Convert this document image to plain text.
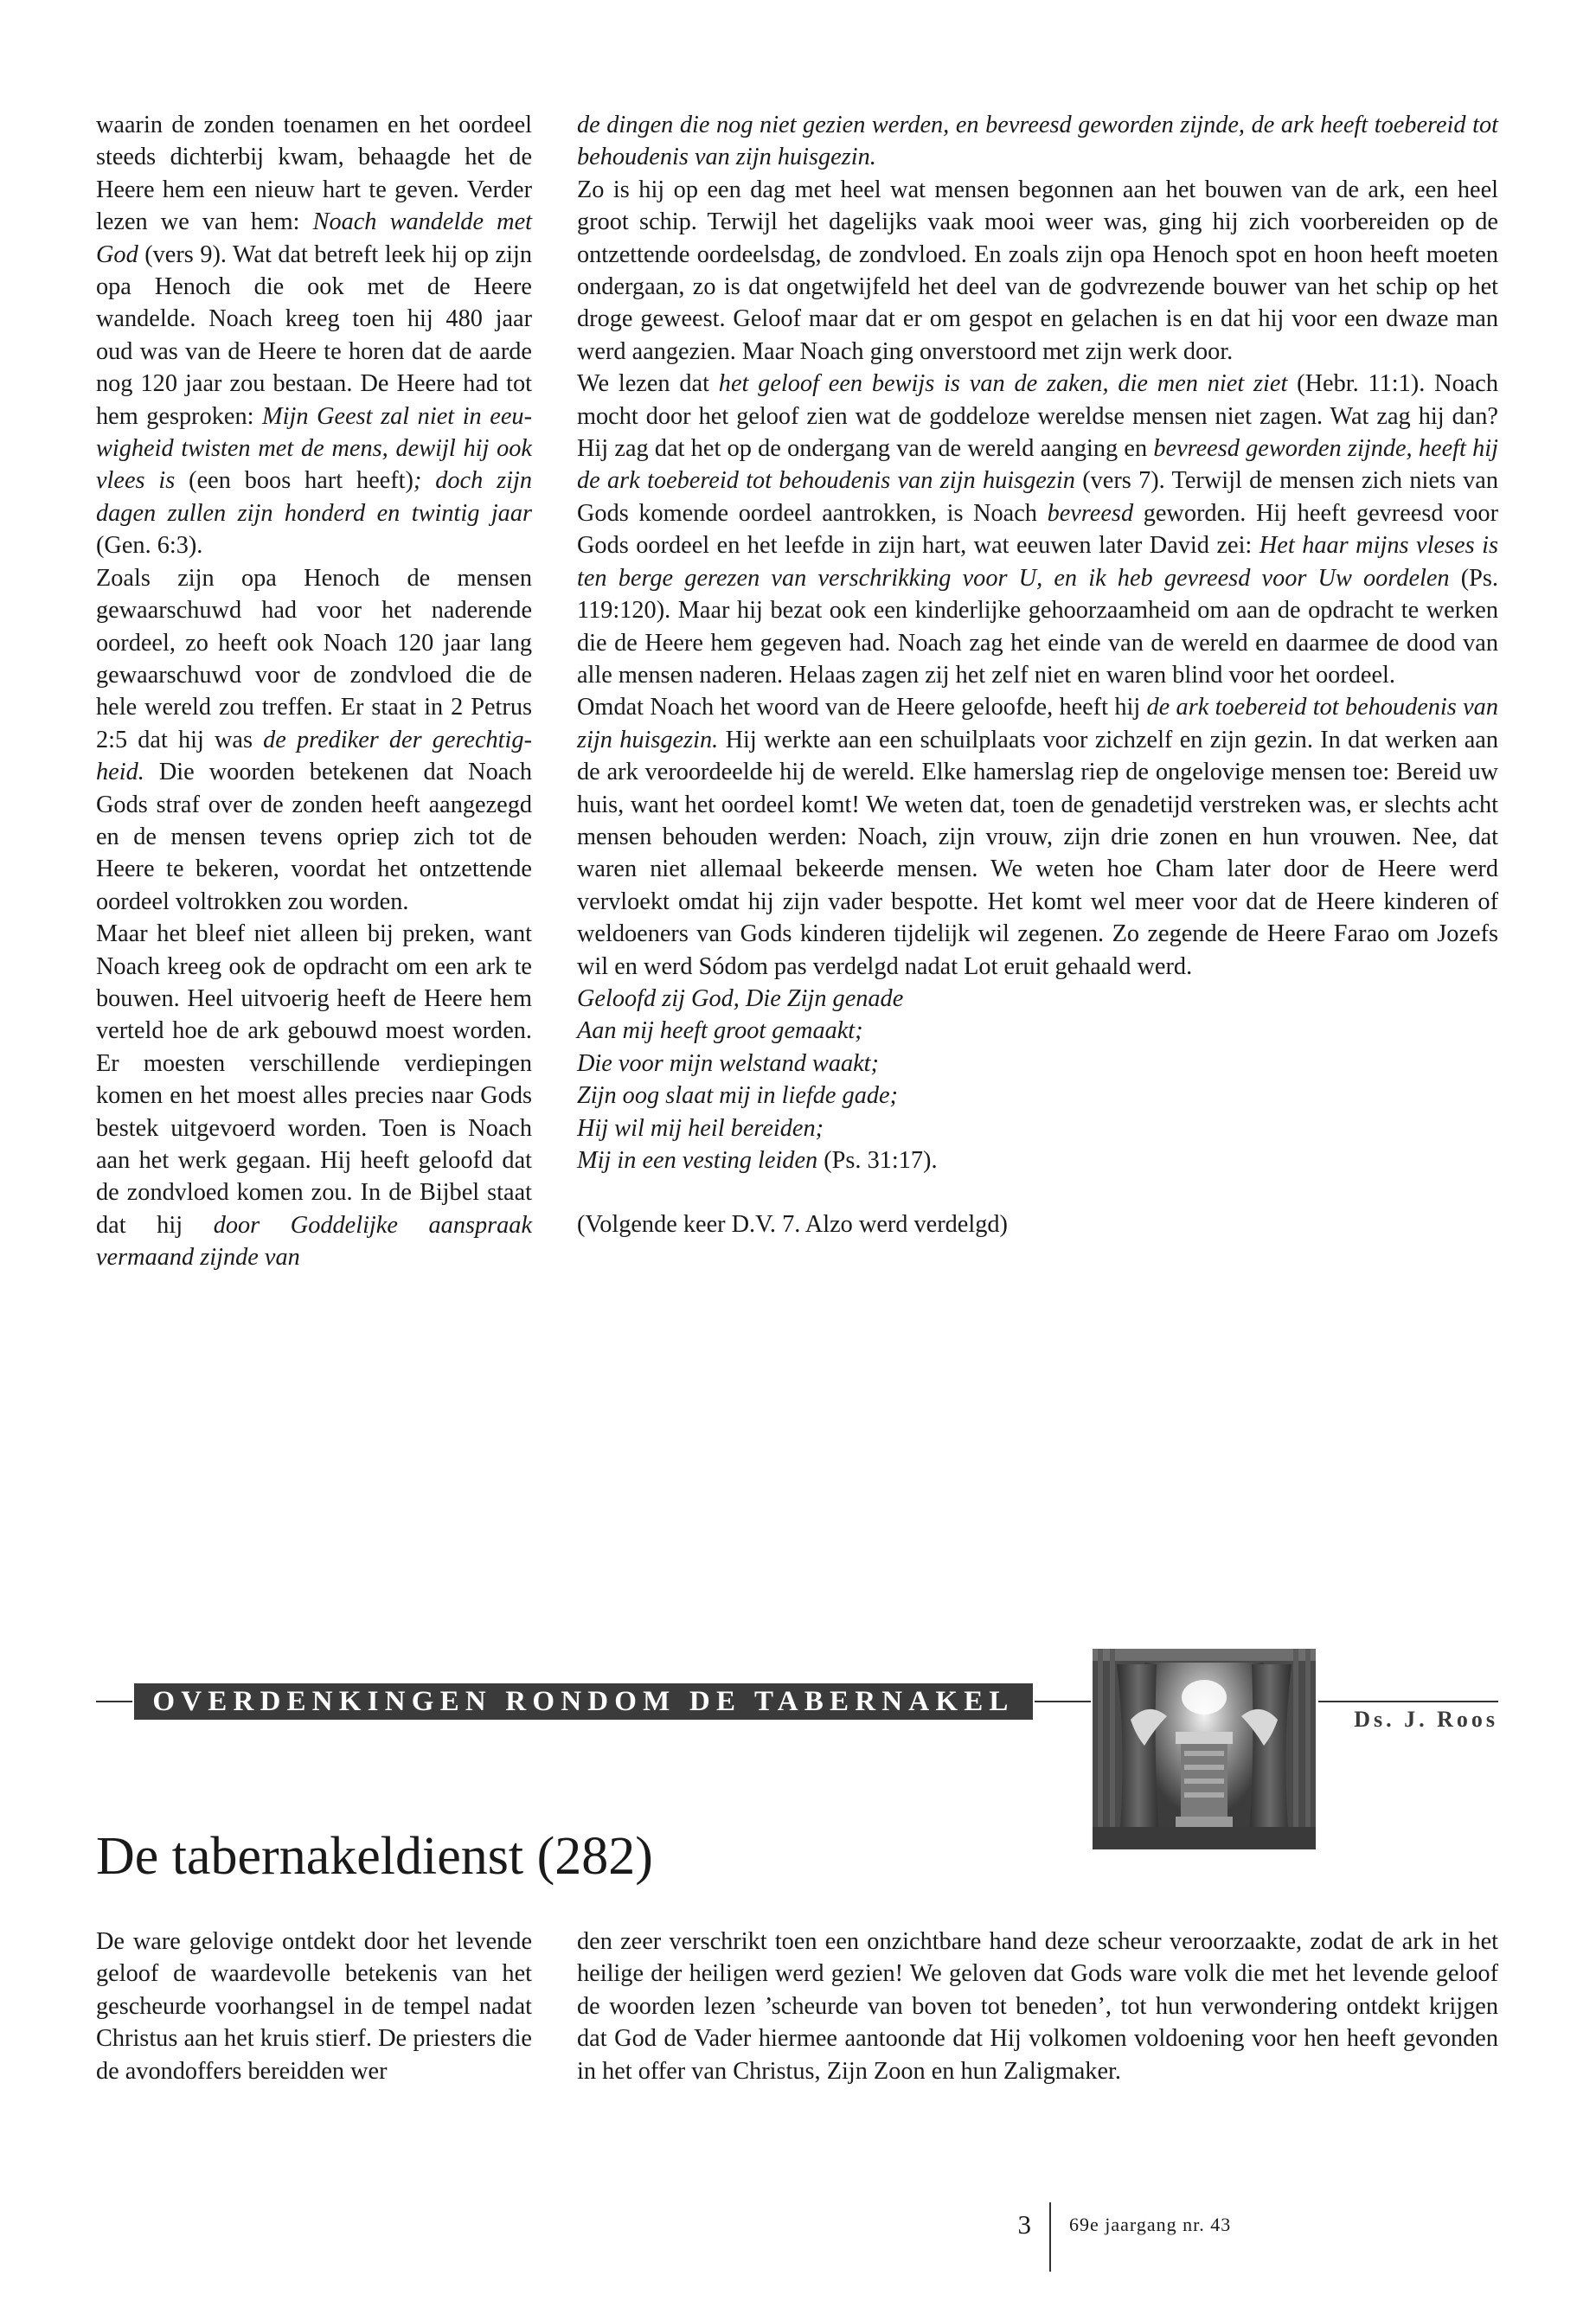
waarin de zonden toenamen en het oordeel steeds dichterbij kwam, behaagde het de Heere hem een nieuw hart te geven. Verder lezen we van hem: Noach wandelde met God (vers 9). Wat dat betreft leek hij op zijn opa Henoch die ook met de Heere wandelde. Noach kreeg toen hij 480 jaar oud was van de Heere te horen dat de aarde nog 120 jaar zou bestaan. De Heere had tot hem gesproken: Mijn Geest zal niet in eeuwigheid twisten met de mens, dewijl hij ook vlees is (een boos hart heeft); doch zijn dagen zullen zijn honderd en twintig jaar (Gen. 6:3).

Zoals zijn opa Henoch de mensen gewaarschuwd had voor het naderende oordeel, zo heeft ook Noach 120 jaar lang gewaarschuwd voor de zondvloed die de hele wereld zou treffen. Er staat in 2 Petrus 2:5 dat hij was de prediker der gerechtigheid. Die woorden betekenen dat Noach Gods straf over de zonden heeft aangezegd en de mensen tevens opriep zich tot de Heere te bekeren, voordat het ontzettende oordeel voltrokken zou worden.

Maar het bleef niet alleen bij preken, want Noach kreeg ook de opdracht om een ark te bouwen. Heel uitvoerig heeft de Heere hem verteld hoe de ark gebouwd moest worden. Er moesten verschillende verdiepingen komen en het moest alles precies naar Gods bestek uitgevoerd worden. Toen is Noach aan het werk gegaan. Hij heeft geloofd dat de zondvloed komen zou. In de Bijbel staat dat hij door Goddelijke aanspraak vermaand zijnde van

de dingen die nog niet gezien werden, en bevreesd geworden zijnde, de ark heeft toebereid tot behoudenis van zijn huisgezin.

Zo is hij op een dag met heel wat mensen begonnen aan het bouwen van de ark, een heel groot schip. Terwijl het dagelijks vaak mooi weer was, ging hij zich voorbereiden op de ontzettende oordeelsdag, de zondvloed. En zoals zijn opa Henoch spot en hoon heeft moeten ondergaan, zo is dat ongetwijfeld het deel van de godvrezende bouwer van het schip op het droge geweest. Geloof maar dat er om gespot en gelachen is en dat hij voor een dwaze man werd aangezien. Maar Noach ging onverstoord met zijn werk door.

We lezen dat het geloof een bewijs is van de zaken, die men niet ziet (Hebr. 11:1). Noach mocht door het geloof zien wat de goddeloze wereldse mensen niet zagen. Wat zag hij dan? Hij zag dat het op de ondergang van de wereld aanging en bevreesd geworden zijnde, heeft hij de ark toebereid tot behoudenis van zijn huisgezin (vers 7). Terwijl de mensen zich niets van Gods komende oordeel aantrokken, is Noach bevreesd geworden. Hij heeft gevreesd voor Gods oordeel en het leefde in zijn hart, wat eeuwen later David zei: Het haar mijns vleses is ten berge gerezen van verschrikking voor U, en ik heb gevreesd voor Uw oordelen (Ps. 119:120). Maar hij bezat ook een kinderlijke gehoorzaamheid om aan de opdracht te werken die de Heere hem gegeven had. Noach zag het einde van de wereld en daarmee de dood van alle mensen naderen. Helaas zagen zij het zelf niet en waren blind voor het oordeel.

Omdat Noach het woord van de Heere geloofde, heeft hij de ark toebereid tot behoudenis van zijn huisgezin. Hij werkte aan een schuilplaats voor zichzelf en zijn gezin. In dat werken aan de ark veroordeelde hij de wereld. Elke hamerslag riep de ongelovige mensen toe: Bereid uw huis, want het oordeel komt! We weten dat, toen de genadetijd verstreken was, er slechts acht mensen behouden werden: Noach, zijn vrouw, zijn drie zonen en hun vrouwen. Nee, dat waren niet allemaal bekeerde mensen. We weten hoe Cham later door de Heere werd vervloekt omdat hij zijn vader bespotte. Het komt wel meer voor dat de Heere kinderen of weldoeners van Gods kinderen tijdelijk wil zegenen. Zo zegende de Heere Farao om Jozefs wil en werd Sódom pas verdelgd nadat Lot eruit gehaald werd.

Geloofd zij God, Die Zijn genade
Aan mij heeft groot gemaakt;
Die voor mijn welstand waakt;
Zijn oog slaat mij in liefde gade;
Hij wil mij heil bereiden;
Mij in een vesting leiden (Ps. 31:17).

(Volgende keer D.V. 7. Alzo werd verdelgd)

OVERDENKINGEN RONDOM DE TABERNAKEL
Ds. J. Roos
De tabernakeldienst (282)

De ware gelovige ontdekt door het levende geloof de waardevolle betekenis van het gescheurde voorhangsel in de tempel nadat Christus aan het kruis stierf. De priesters die de avondoffers bereidden wer

den zeer verschrikt toen een onzichtbare hand deze scheur veroorzaakte, zodat de ark in het heilige der heiligen werd gezien! We geloven dat Gods ware volk die met het levende geloof de woorden lezen ’scheurde van boven tot beneden’, tot hun verwondering ontdekt krijgen dat God de Vader hiermee aantoonde dat Hij volkomen voldoening voor hen heeft gevonden in het offer van Christus, Zijn Zoon en hun Zaligmaker.

3 69e jaargang nr. 43
